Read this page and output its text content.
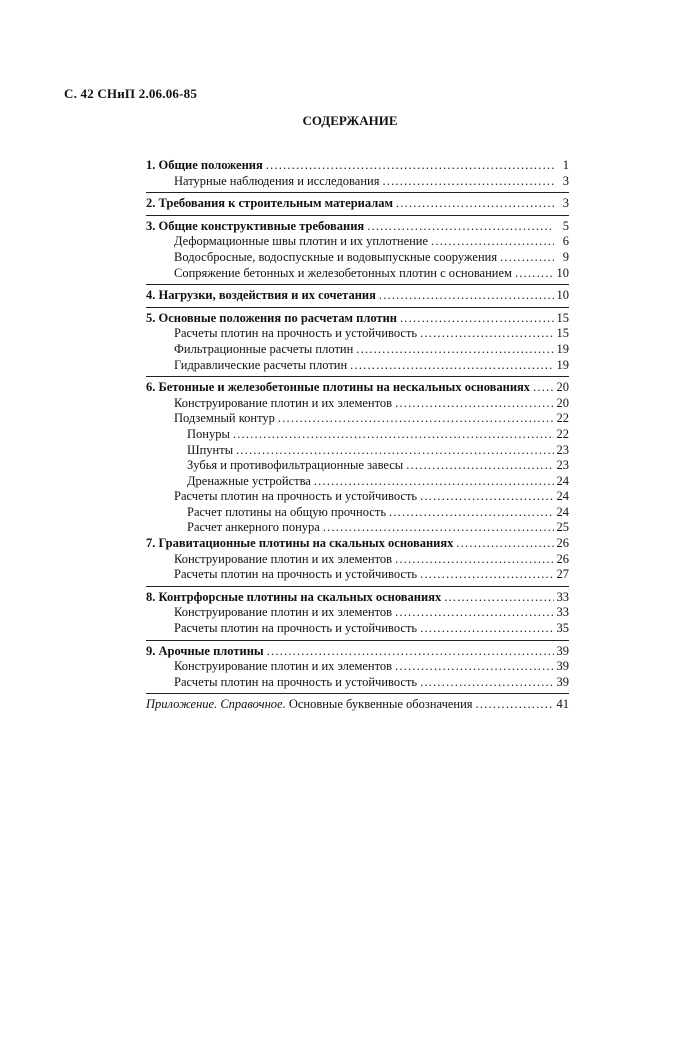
С. 42 СНиП 2.06.06-85
СОДЕРЖАНИЕ
1. Общие положения .....	1
Натурные наблюдения и исследования .....	3
2. Требования к строительным материалам .....	3
3. Общие конструктивные требования .....	5
Деформационные швы плотин и их уплотнение .....	6
Водосбросные, водоспускные и водовыпускные сооружения .....	9
Сопряжение бетонных и железобетонных плотин с основанием .....	10
4. Нагрузки, воздействия и их сочетания .....	10
5. Основные положения по расчетам плотин .....	15
Расчеты плотин на прочность и устойчивость .....	15
Фильтрационные расчеты плотин .....	19
Гидравлические расчеты плотин .....	19
6. Бетонные и железобетонные плотины на нескальных основаниях ..... 20
Конструирование плотин и их элементов .....	20
Подземный контур .....	22
Понуры .....	22
Шпунты .....	23
Зубья и противофильтрационные завесы .....	23
Дренажные устройства .....	24
Расчеты плотин на прочность и устойчивость .....	24
Расчет плотины на общую прочность .....	24
Расчет анкерного понура .....	25
7. Гравитационные плотины на скальных основаниях .....	26
Конструирование плотин и их элементов .....	26
Расчеты плотин на прочность и устойчивость .....	27
8. Контрфорсные плотины на скальных основаниях .....	33
Конструирование плотин и их элементов .....	33
Расчеты плотин на прочность и устойчивость .....	35
9. Арочные плотины .....	39
Конструирование плотин и их элементов .....	39
Расчеты плотин на прочность и устойчивость .....	39
Приложение. Справочное. Основные буквенные обозначения .....	41
